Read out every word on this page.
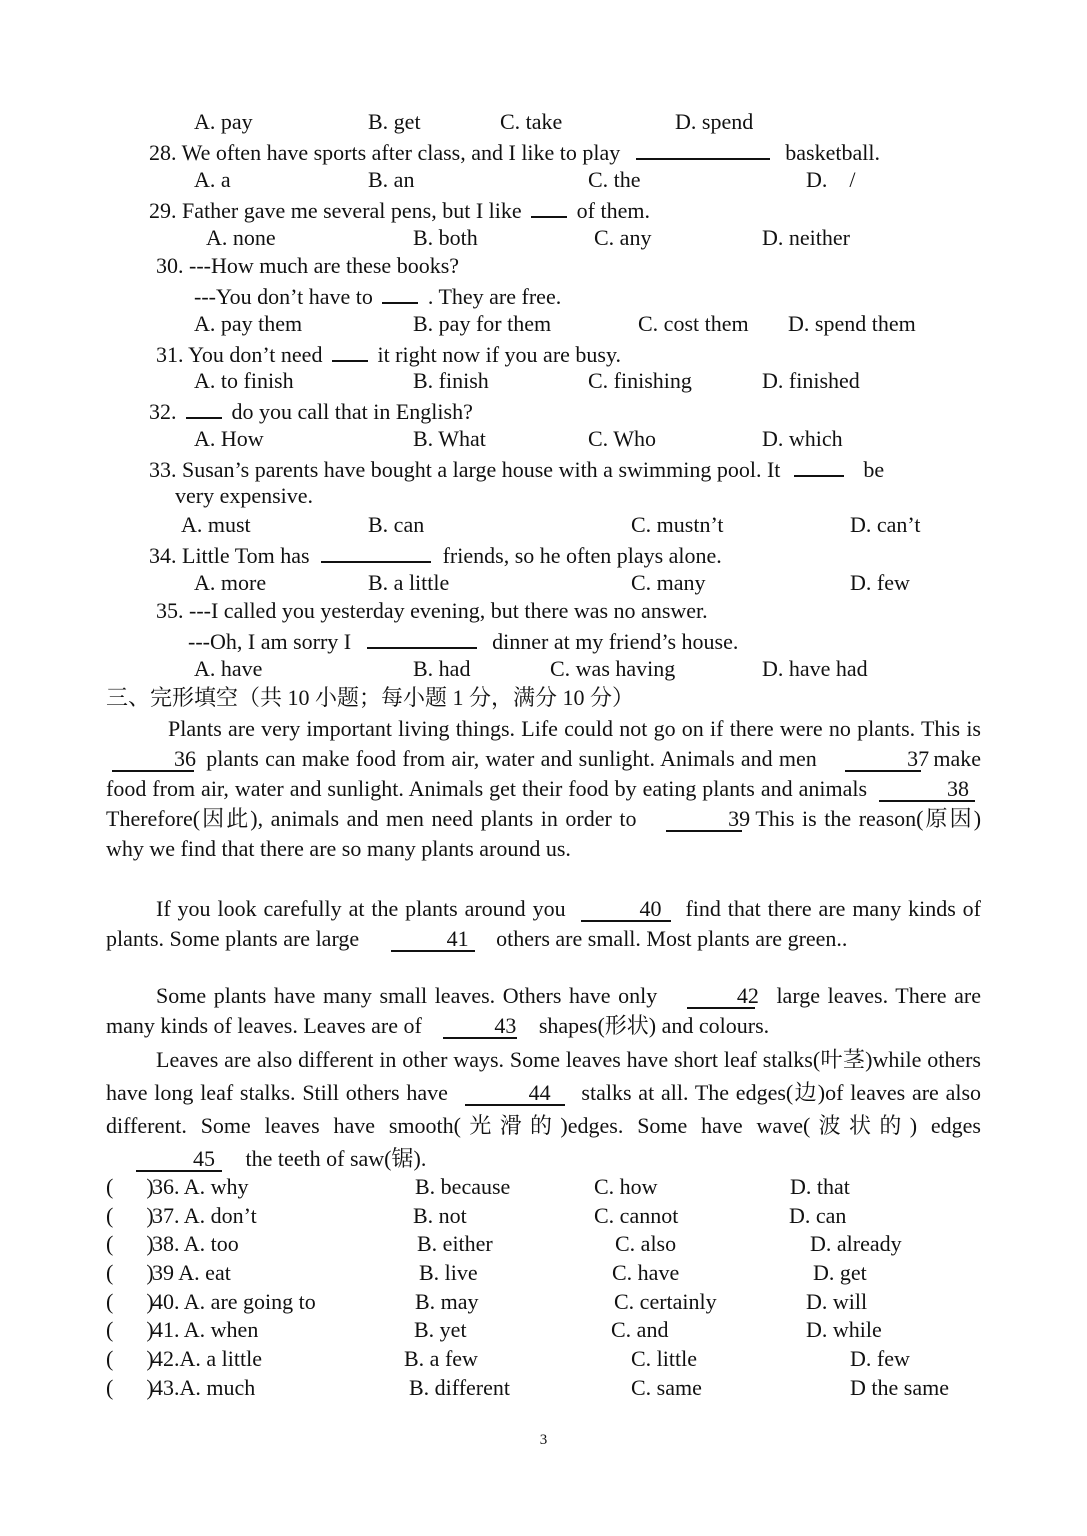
A. pay	B. get	C. take	D. spend
28. We often have sports after class, and I like to play	basketball.
A. a	B. an	C. the	D.    /
29. Father gave me several pens, but I like	of them.
A. none	B. both	C. any	D. neither
30. ---How much are these books?
---You don’t have to	. They are free.
A. pay them	B. pay for them	C. cost them D. spend them
31. You don’t need	it right now if you are busy.
A. to finish	B. finish	C. finishing	D. finished
32.	do you call that in English?
A. How	B. What	C. Who	D. which
33. Susan’s parents have bought a large house with a swimming pool. It	be
very expensive.
A. must	B. can	C. mustn’t	D. can’t
34. Little Tom has	friends, so he often plays alone.
A. more	B. a little	C. many	D. few
35. ---I called you yesterday evening, but there was no answer.
---Oh, I am sorry I	dinner at my friend’s house.
A. have	B. had	C. was having	D. have had
三、完形填空（共 10 小题；每小题 1 分，满分 10 分）
Plants are very important living things. Life could not go on if there were no plants. This is 36 plants can make food from air, water and sunlight. Animals and men	37 make food from air, water and sunlight. Animals get their food by eating plants and animals	38 Therefore(因此), animals and men need plants in order to	39 This is the reason(原因) why we find that there are so many plants around us.
If you look carefully at the plants around you	40 find that there are many kinds of plants. Some plants are large	41 others are small. Most plants are green..
Some plants have many small leaves. Others have only	42 large leaves. There are many kinds of leaves. Leaves are of	43 shapes(形状) and colours.
Leaves are also different in other ways. Some leaves have short leaf stalks(叶茎)while others have long leaf stalks. Still others have	44 stalks at all. The edges(边)of leaves are also different. Some leaves have smooth(光滑的)edges. Some have wave(波状的) edges 45 the teeth of saw(锯).
(      )
36. A. why	B. because	C. how	D. that
(      )
37. A. don’t	B. not	C. cannot	D. can
(      )
38. A. too	B. either	C. also	D. already
(      )
39 A. eat	B. live	C. have	D. get
(      )
40. A. are going to	B. may	C. certainly	D. will
(      )
41. A. when	B. yet	C. and	D. while
(      )
42.A. a little	B. a few	C. little	D. few
(      )
43.A. much	B. different	C. same	D the same
3
